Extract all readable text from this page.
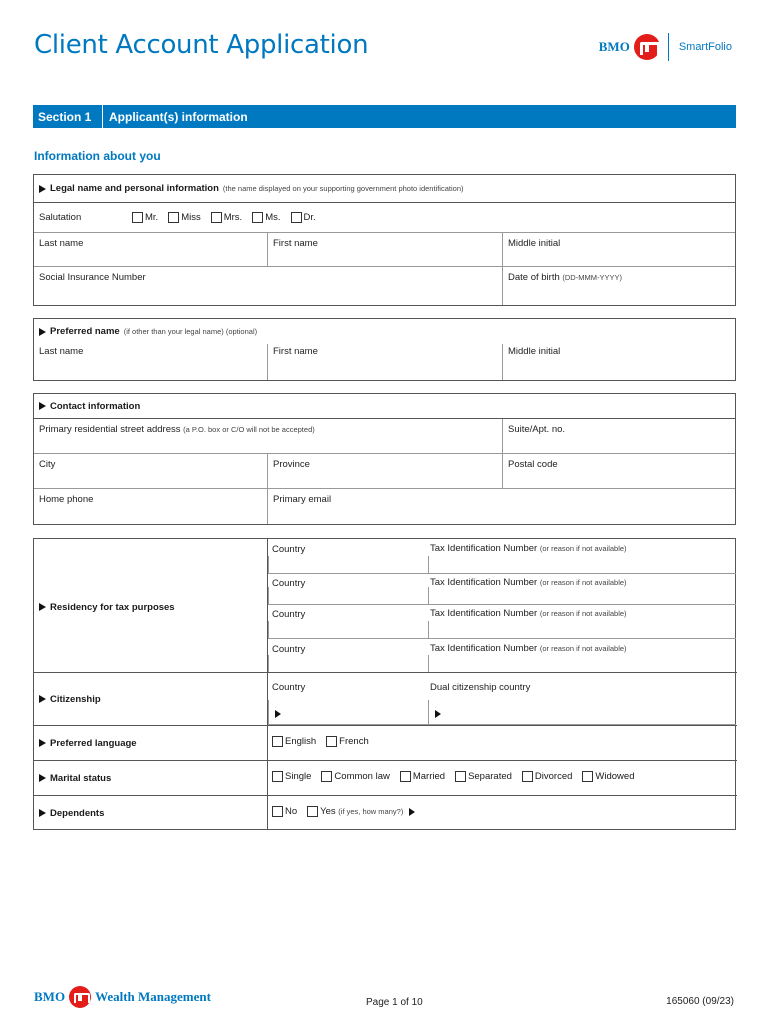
Client Account Application	BMO	SmartFolio
Section 1	Applicant(s) information
Information about you
Legal name and personal information (the name displayed on your supporting government photo identification)
Salutation	Mr. Miss Mrs. Ms. Dr.
Last name	First name	Middle initial
Social Insurance Number	Date of birth (DD-MMM-YYYY)
Preferred name (if other than your legal name) (optional)
Last name	First name	Middle initial
Contact information
Primary residential street address (a P.O. box or C/O will not be accepted)	Suite/Apt. no.
City	Province	Postal code
Home phone	Primary email
Residency for tax purposes
Country	Tax Identification Number (or reason if not available)
Country	Tax Identification Number (or reason if not available)
Country	Tax Identification Number (or reason if not available)
Country	Tax Identification Number (or reason if not available)
Citizenship
Country	Dual citizenship country
Preferred language	English French
Marital status	Single Common law Married Separated Divorced Widowed
Dependents	No Yes
(if yes, how many?)
BMO Wealth Management	Page 1 of 10	165060 (09/23)
